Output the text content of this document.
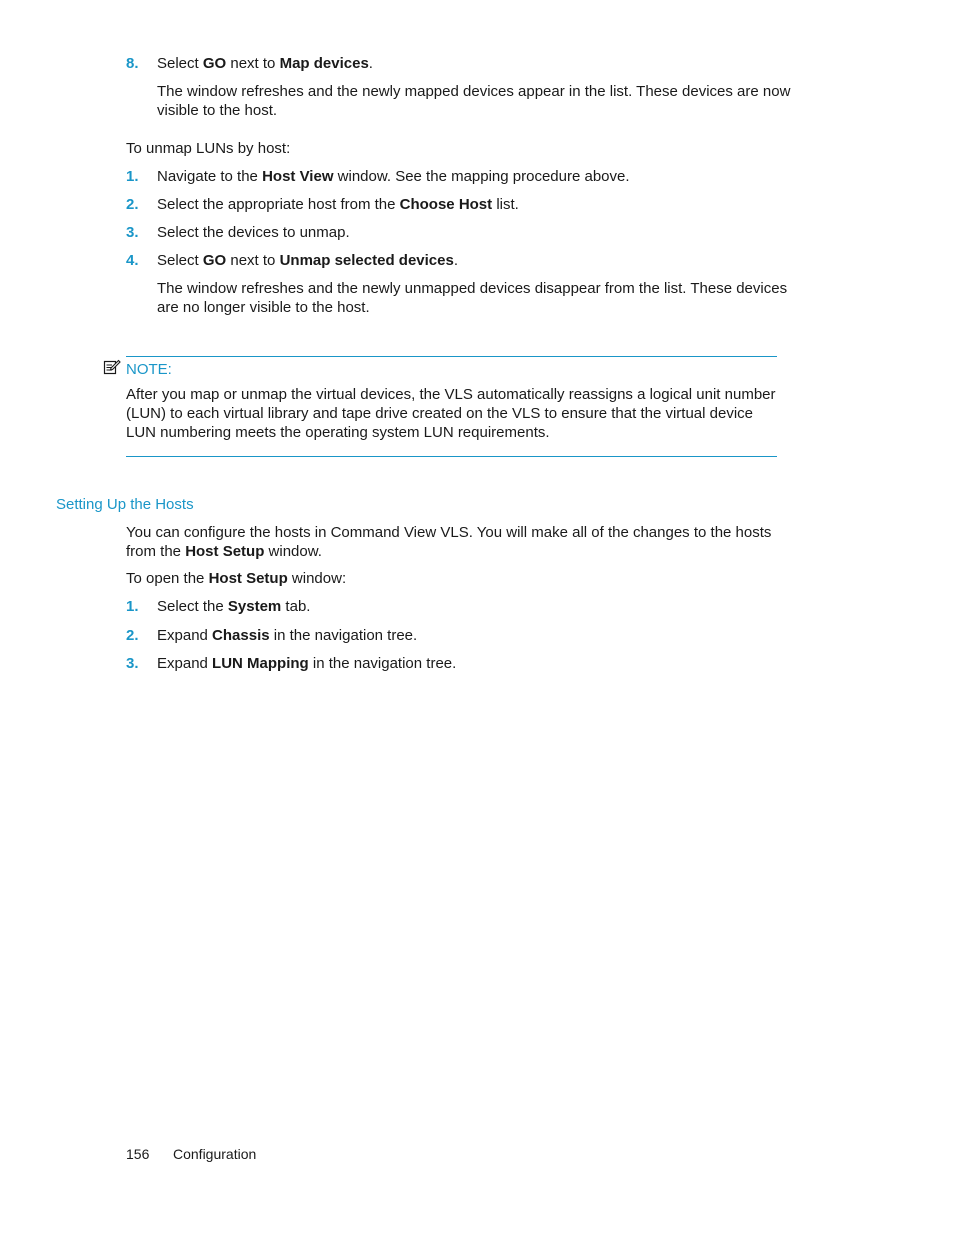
8. Select GO next to Map devices.
The window refreshes and the newly mapped devices appear in the list. These devices are now visible to the host.
To unmap LUNs by host:
1. Navigate to the Host View window. See the mapping procedure above.
2. Select the appropriate host from the Choose Host list.
3. Select the devices to unmap.
4. Select GO next to Unmap selected devices.
The window refreshes and the newly unmapped devices disappear from the list. These devices are no longer visible to the host.
NOTE:
After you map or unmap the virtual devices, the VLS automatically reassigns a logical unit number (LUN) to each virtual library and tape drive created on the VLS to ensure that the virtual device LUN numbering meets the operating system LUN requirements.
Setting Up the Hosts
You can configure the hosts in Command View VLS. You will make all of the changes to the hosts from the Host Setup window.
To open the Host Setup window:
1. Select the System tab.
2. Expand Chassis in the navigation tree.
3. Expand LUN Mapping in the navigation tree.
156 Configuration
